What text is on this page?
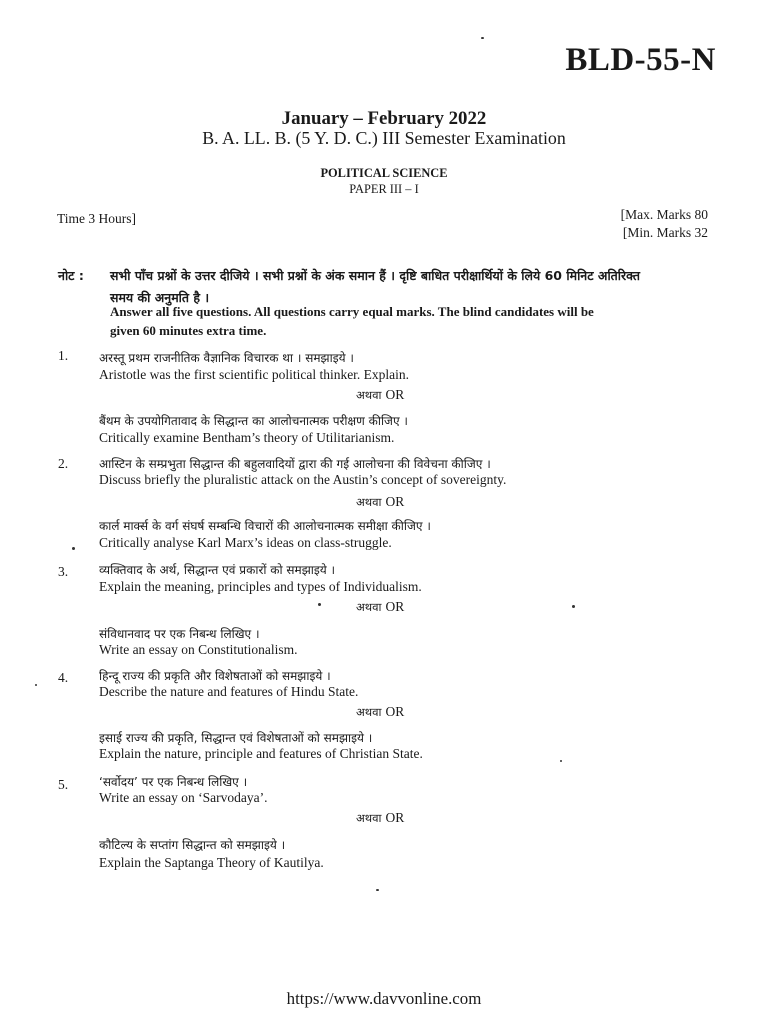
BLD-55-N
January – February 2022
B. A. LL. B. (5 Y. D. C.) III Semester Examination
POLITICAL SCIENCE
PAPER III – I
Time 3 Hours]	[Max. Marks 80
[Min. Marks 32
नोट : सभी पाँच प्रश्नों के उत्तर दीजिये । सभी प्रश्नों के अंक समान हैं । दृष्टि बाधित परीक्षार्थियों के लिये 60 मिनिट अतिरिक्त
समय की अनुमति है ।
Answer all five questions. All questions carry equal marks. The blind candidates will be
given 60 minutes extra time.
1.	अरस्तू प्रथम राजनीतिक वैज्ञानिक विचारक था । समझाइये ।
Aristotle was the first scientific political thinker. Explain.
अथवा OR
बैंथम के उपयोगितावाद के सिद्धान्त का आलोचनात्मक परीक्षण कीजिए ।
Critically examine Bentham’s theory of Utilitarianism.
2.	आस्टिन के सम्प्रभुता सिद्धान्त की बहुलवादियों द्वारा की गई आलोचना की विवेचना कीजिए ।
Discuss briefly the pluralistic attack on the Austin’s concept of sovereignty.
अथवा OR
कार्ल मार्क्स के वर्ग संघर्ष सम्बन्धि विचारों की आलोचनात्मक समीक्षा कीजिए ।
Critically analyse Karl Marx’s ideas on class-struggle.
3.	व्यक्तिवाद के अर्थ, सिद्धान्त एवं प्रकारों को समझाइये ।
Explain the meaning, principles and types of Individualism.
अथवा OR
संविधानवाद पर एक निबन्ध लिखिए ।
Write an essay on Constitutionalism.
4.	हिन्दू राज्य की प्रकृति और विशेषताओं को समझाइये ।
Describe the nature and features of Hindu State.
अथवा OR
इसाई राज्य की प्रकृति, सिद्धान्त एवं विशेषताओं को समझाइये ।
Explain the nature, principle and features of Christian State.
5.	‘सर्वोदय’ पर एक निबन्ध लिखिए ।
Write an essay on ‘Sarvodaya’.
अथवा OR
कौटिल्य के सप्तांग सिद्धान्त को समझाइये ।
Explain the Saptanga Theory of Kautilya.
https://www.davvonline.com
